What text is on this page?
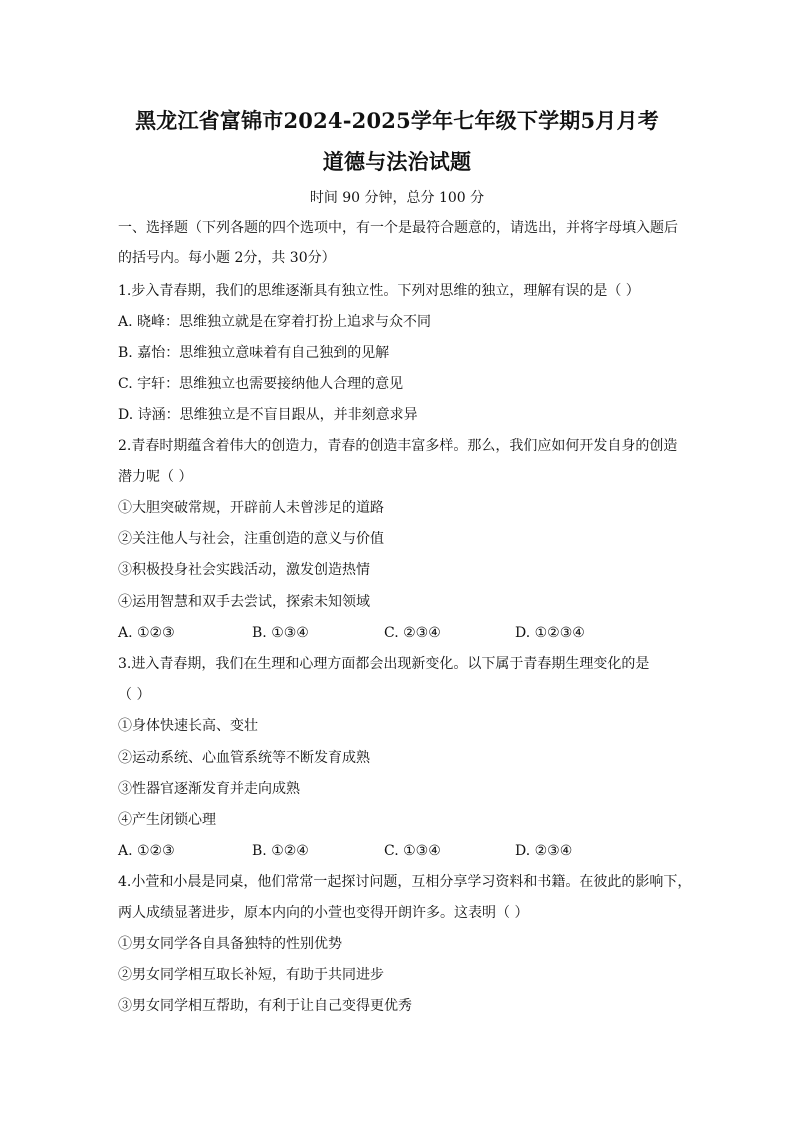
黑龙江省富锦市2024-2025学年七年级下学期5月月考
道德与法治试题
时间 90 分钟，总分 100 分
一、选择题（下列各题的四个选项中，有一个是最符合题意的，请选出，并将字母填入题后
的括号内。每小题 2分，共 30分）
1.步入青春期，我们的思维逐渐具有独立性。下列对思维的独立，理解有误的是（ ）
A. 晓峰：思维独立就是在穿着打扮上追求与众不同
B. 嘉怡：思维独立意味着有自己独到的见解
C. 宇轩：思维独立也需要接纳他人合理的意见
D. 诗涵：思维独立是不盲目跟从，并非刻意求异
2.青春时期蕴含着伟大的创造力，青春的创造丰富多样。那么，我们应如何开发自身的创造
潜力呢（ ）
①大胆突破常规，开辟前人未曾涉足的道路
②关注他人与社会，注重创造的意义与价值
③积极投身社会实践活动，激发创造热情
④运用智慧和双手去尝试，探索未知领域
A. ①②③	B. ①③④	C. ②③④	D. ①②③④
3.进入青春期，我们在生理和心理方面都会出现新变化。以下属于青春期生理变化的是
（ ）
①身体快速长高、变壮
②运动系统、心血管系统等不断发育成熟
③性器官逐渐发育并走向成熟
④产生闭锁心理
A. ①②③	B. ①②④	C. ①③④	D. ②③④
4.小萱和小晨是同桌，他们常常一起探讨问题，互相分享学习资料和书籍。在彼此的影响下，
两人成绩显著进步，原本内向的小萱也变得开朗许多。这表明（ ）
①男女同学各自具备独特的性别优势
②男女同学相互取长补短，有助于共同进步
③男女同学相互帮助，有利于让自己变得更优秀
